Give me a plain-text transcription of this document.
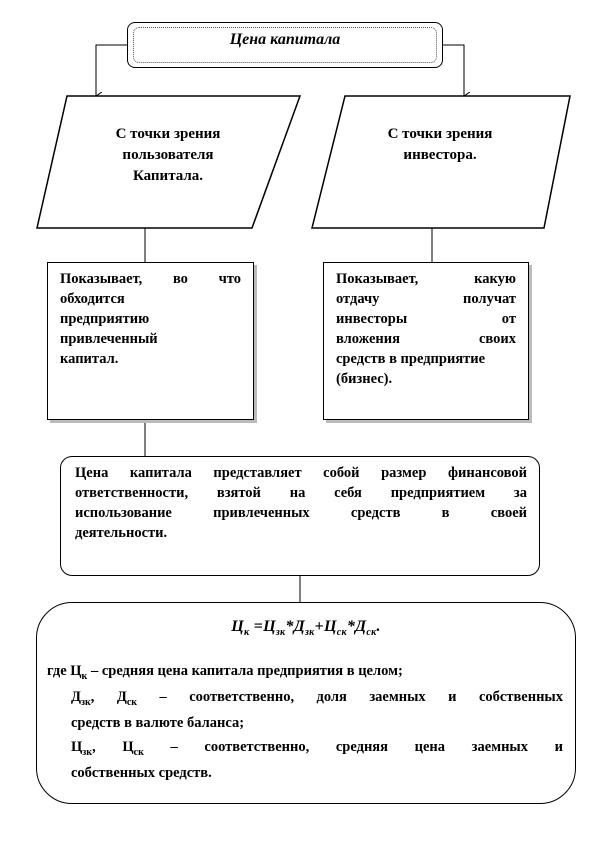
Цена капитала
С точки зрения
пользователя
Капитала.
С точки зрения
инвестора.
Показывает, во что
обходится
предприятию
привлеченный
капитал.
Показывает, какую
отдачу получат
инвесторы от
вложения своих
средств в предприятие
(бизнес).
Цена капитала представляет собой размер финансовой
ответственности, взятой на себя предприятием за
использование привлеченных средств в своей
деятельности.
$Ц_к =Ц_{зк}*Д_{зк}+Ц_{ск}*Д_{ск}$.
где $Ц_к$ – средняя цена капитала предприятия в целом;
$Д_{зк}$, $Д_{ск}$ – соответственно, доля заемных и собственных
средств в валюте баланса;
$Ц_{зк}$, $Ц_{ск}$ – соответственно, средняя цена заемных и
собственных средств.
